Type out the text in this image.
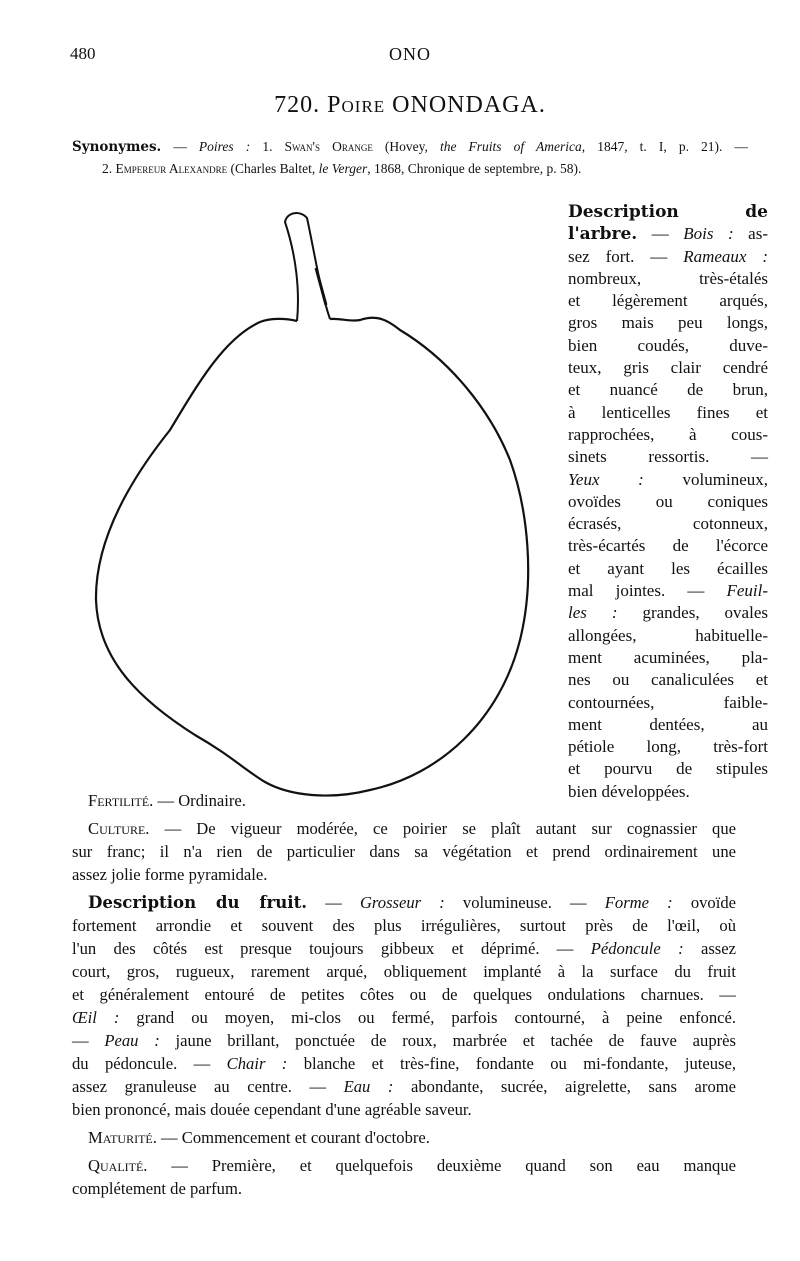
480	ONO
720. Poire ONONDAGA.
Synonymes. — Poires : 1. Swan's Orange (Hovey, the Fruits of America, 1847, t. I, p. 21). —
2. Empereur Alexandre (Charles Baltet, le Verger, 1868, Chronique de septembre, p. 58).
Description de
l'arbre. — Bois : as-
sez fort. — Rameaux :
nombreux, très-étalés
et légèrement arqués,
gros mais peu longs,
bien coudés, duve-
teux, gris clair cendré
et nuancé de brun,
à lenticelles fines et
rapprochées, à cous-
sinets ressortis. —
Yeux : volumineux,
ovoïdes ou coniques
écrasés, cotonneux,
très-écartés de l'écorce
et ayant les écailles
mal jointes. — Feuil-
les : grandes, ovales
allongées, habituelle-
ment acuminées, pla-
nes ou canaliculées et
contournées, faible-
ment dentées, au
pétiole long, très-fort
et pourvu de stipules
bien développées.
Fertilité. — Ordinaire.
Culture. — De vigueur modérée, ce poirier se plaît autant sur cognassier que
sur franc; il n'a rien de particulier dans sa végétation et prend ordinairement une
assez jolie forme pyramidale.
Description du fruit. — Grosseur : volumineuse. — Forme : ovoïde
fortement arrondie et souvent des plus irrégulières, surtout près de l'œil, où
l'un des côtés est presque toujours gibbeux et déprimé. — Pédoncule : assez
court, gros, rugueux, rarement arqué, obliquement implanté à la surface du fruit
et généralement entouré de petites côtes ou de quelques ondulations charnues. —
Œil : grand ou moyen, mi-clos ou fermé, parfois contourné, à peine enfoncé.
— Peau : jaune brillant, ponctuée de roux, marbrée et tachée de fauve auprès
du pédoncule. — Chair : blanche et très-fine, fondante ou mi-fondante, juteuse,
assez granuleuse au centre. — Eau : abondante, sucrée, aigrelette, sans arome
bien prononcé, mais douée cependant d'une agréable saveur.
Maturité. — Commencement et courant d'octobre.
Qualité. — Première, et quelquefois deuxième quand son eau manque
complétement de parfum.
